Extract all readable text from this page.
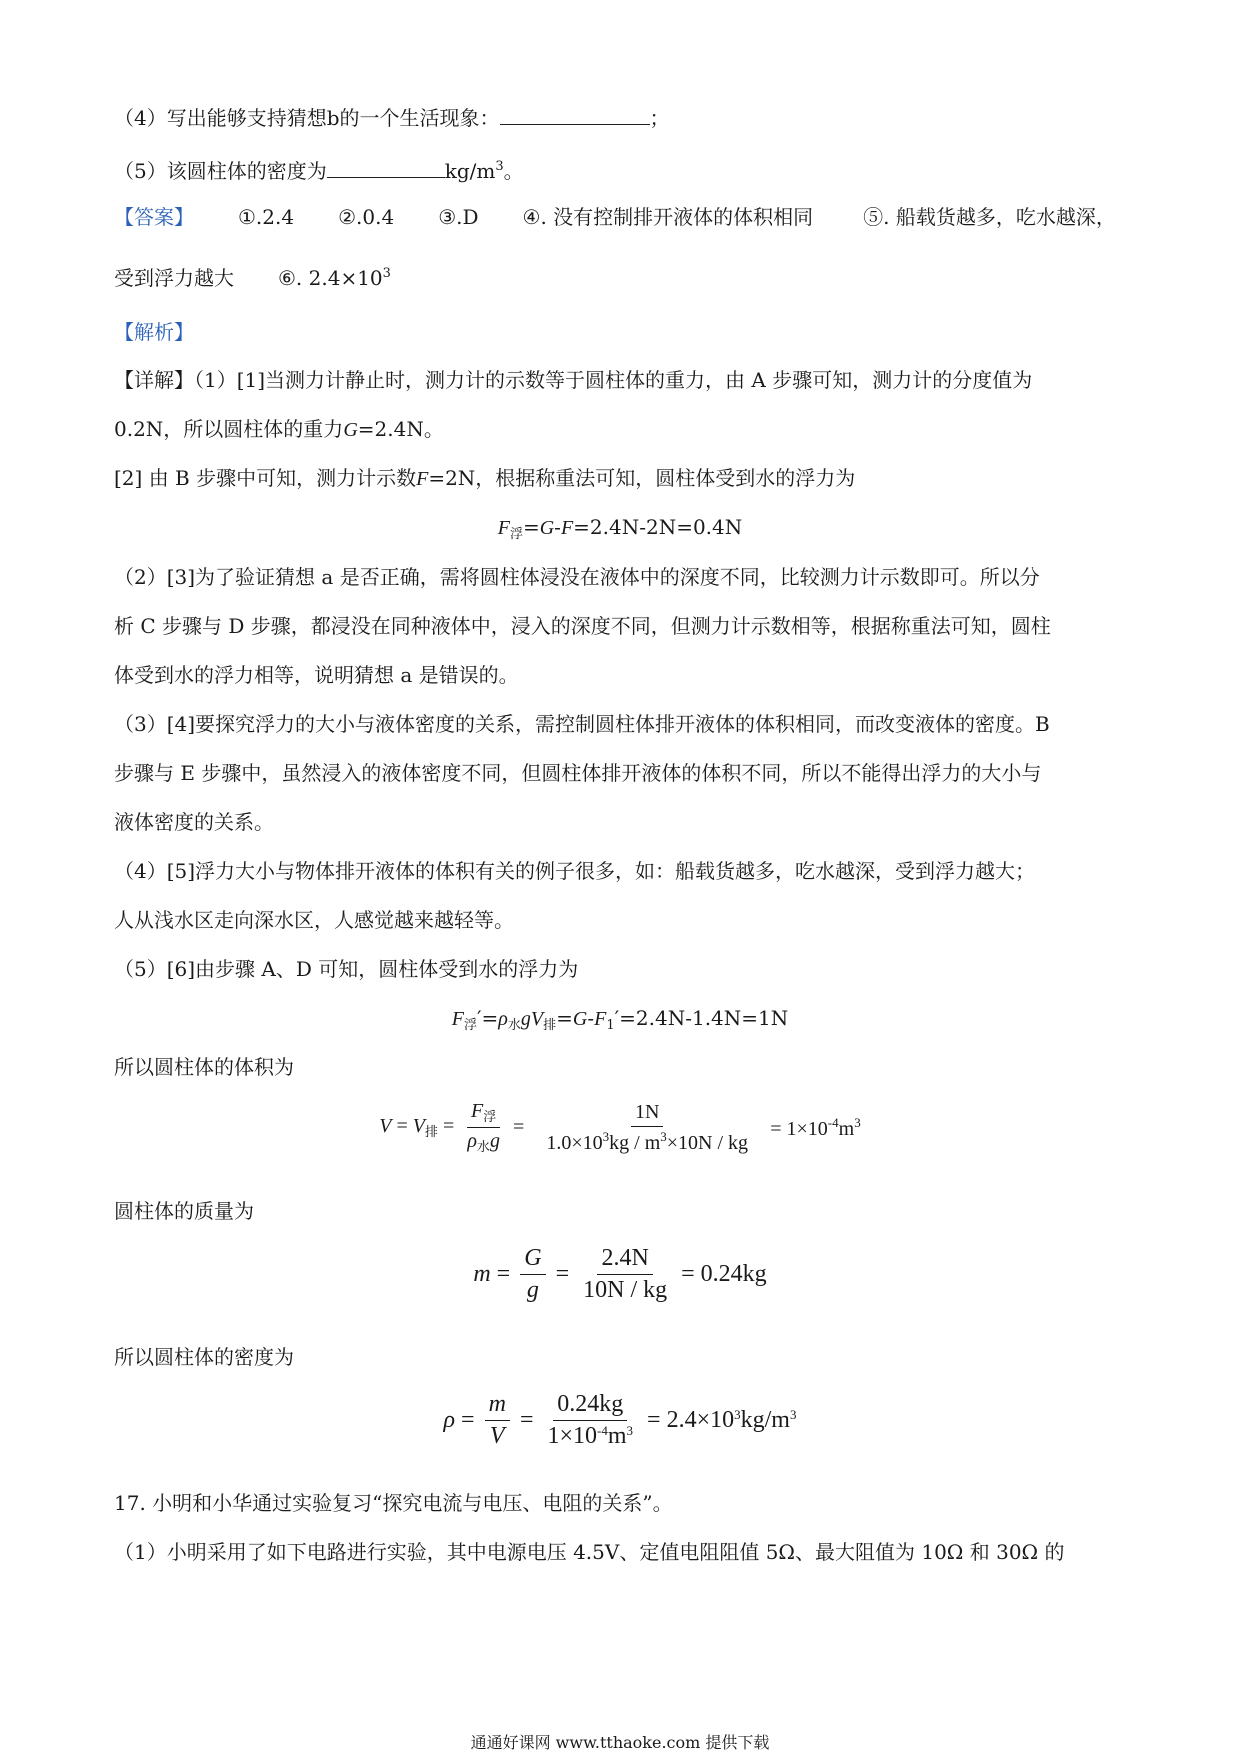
（4）写出能够支持猜想b的一个生活现象：	；
（5）该圆柱体的密度为	$kg/m^3$。
【答案】 ①.2.4 ②.0.4 ③.D ④. 没有控制排开液体的体积相同	⑤. 船载货越多，吃水越深，
受到浮力越大 ⑥. $2.4\times 10^3$
【解析】
【详解】（1）[1]当测力计静止时，测力计的示数等于圆柱体的重力，由 A 步骤可知，测力计的分度值为
0.2N，所以圆柱体的重力G=2.4N。
[2] 由 B 步骤中可知，测力计示数F=2N，根据称重法可知，圆柱体受到水的浮力为
$F_浮=G-F=2.4N-2N=0.4N$
（2）[3]为了验证猜想 a 是否正确，需将圆柱体浸没在液体中的深度不同，比较测力计示数即可。所以分
析 C 步骤与 D 步骤，都浸没在同种液体中，浸入的深度不同，但测力计示数相等，根据称重法可知，圆柱
体受到水的浮力相等，说明猜想 a 是错误的。
（3）[4]要探究浮力的大小与液体密度的关系，需控制圆柱体排开液体的体积相同，而改变液体的密度。B
步骤与 E 步骤中，虽然浸入的液体密度不同，但圆柱体排开液体的体积不同，所以不能得出浮力的大小与
液体密度的关系。
（4）[5]浮力大小与物体排开液体的体积有关的例子很多，如：船载货越多，吃水越深，受到浮力越大；
人从浅水区走向深水区，人感觉越来越轻等。
（5）[6]由步骤 A、D 可知，圆柱体受到水的浮力为
$F_浮'=\rho_水gV_排=G-F_1'=2.4N-1.4N=1N$
所以圆柱体的体积为
$V = V_排 = \frac{F_浮}{\rho_水g} = \frac{1N}{1.0\times 10^3kg / m^3\times 10N / kg} = 1\times 10^{-4}m^3$
圆柱体的质量为
$m = \frac{G}{g} = \frac{2.4N}{10N / kg} = 0.24kg$
所以圆柱体的密度为
$\rho = \frac{m}{V} = \frac{0.24kg}{1\times 10^{-4}m^3} = 2.4\times 10^3kg/m^3$
17. 小明和小华通过实验复习“探究电流与电压、电阻的关系”。
（1）小明采用了如下电路进行实验，其中电源电压 4.5V、定值电阻阻值 5Ω、最大阻值为 10Ω 和 30Ω 的
通通好课网 www.tthaoke.com 提供下载
